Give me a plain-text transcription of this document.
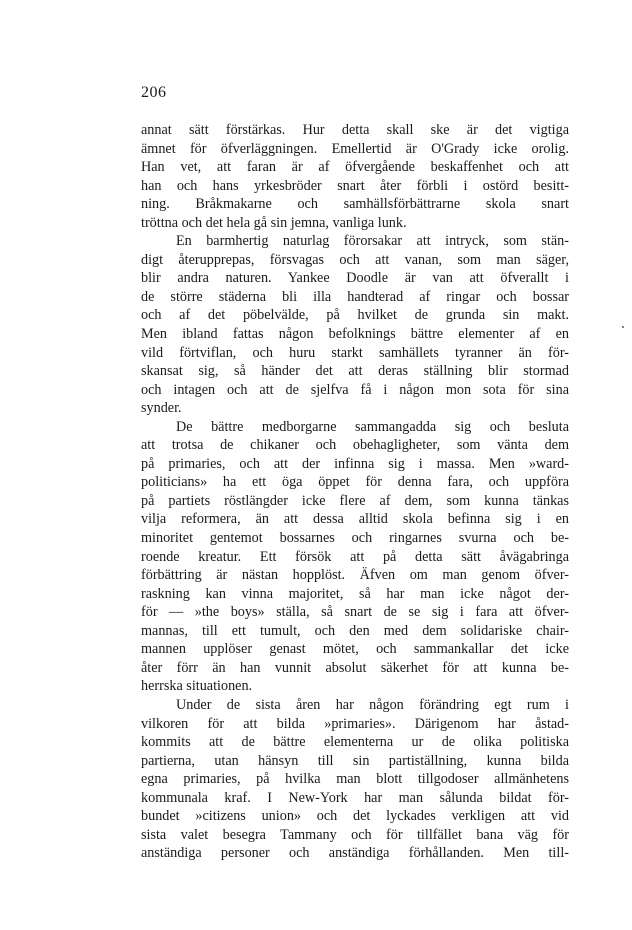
206
annat sätt förstärkas. Hur detta skall ske är det vigtiga
ämnet för öfverläggningen. Emellertid är O'Grady icke orolig.
Han vet, att faran är af öfvergående beskaffenhet och att
han och hans yrkesbröder snart åter förbli i ostörd besitt-
ning. Bråkmakarne och samhällsförbättrarne skola snart
tröttna och det hela gå sin jemna, vanliga lunk.
En barmhertig naturlag förorsakar att intryck, som stän-
digt återupprepas, försvagas och att vanan, som man säger,
blir andra naturen. Yankee Doodle är van att öfverallt i
de större städerna bli illa handterad af ringar och bossar
och af det pöbelvälde, på hvilket de grunda sin makt.
Men ibland fattas någon befolknings bättre elementer af en
vild förtviflan, och huru starkt samhällets tyranner än för-
skansat sig, så händer det att deras ställning blir stormad
och intagen och att de sjelfva få i någon mon sota för sina
synder.
De bättre medborgarne sammangadda sig och besluta
att trotsa de chikaner och obehagligheter, som vänta dem
på primaries, och att der infinna sig i massa. Men »ward-
politicians» ha ett öga öppet för denna fara, och uppföra
på partiets röstlängder icke flere af dem, som kunna tänkas
vilja reformera, än att dessa alltid skola befinna sig i en
minoritet gentemot bossarnes och ringarnes svurna och be-
roende kreatur. Ett försök att på detta sätt åvägabringa
förbättring är nästan hopplöst. Äfven om man genom öfver-
raskning kan vinna majoritet, så har man icke något der-
för — »the boys» ställa, så snart de se sig i fara att öfver-
mannas, till ett tumult, och den med dem solidariske chair-
mannen upplöser genast mötet, och sammankallar det icke
åter förr än han vunnit absolut säkerhet för att kunna be-
herrska situationen.
Under de sista åren har någon förändring egt rum i
vilkoren för att bilda »primaries». Därigenom har åstad-
kommits att de bättre elementerna ur de olika politiska
partierna, utan hänsyn till sin partiställning, kunna bilda
egna primaries, på hvilka man blott tillgodoser allmänhetens
kommunala kraf. I New-York har man sålunda bildat för-
bundet »citizens union» och det lyckades verkligen att vid
sista valet besegra Tammany och för tillfället bana väg för
anständiga personer och anständiga förhållanden. Men till-
